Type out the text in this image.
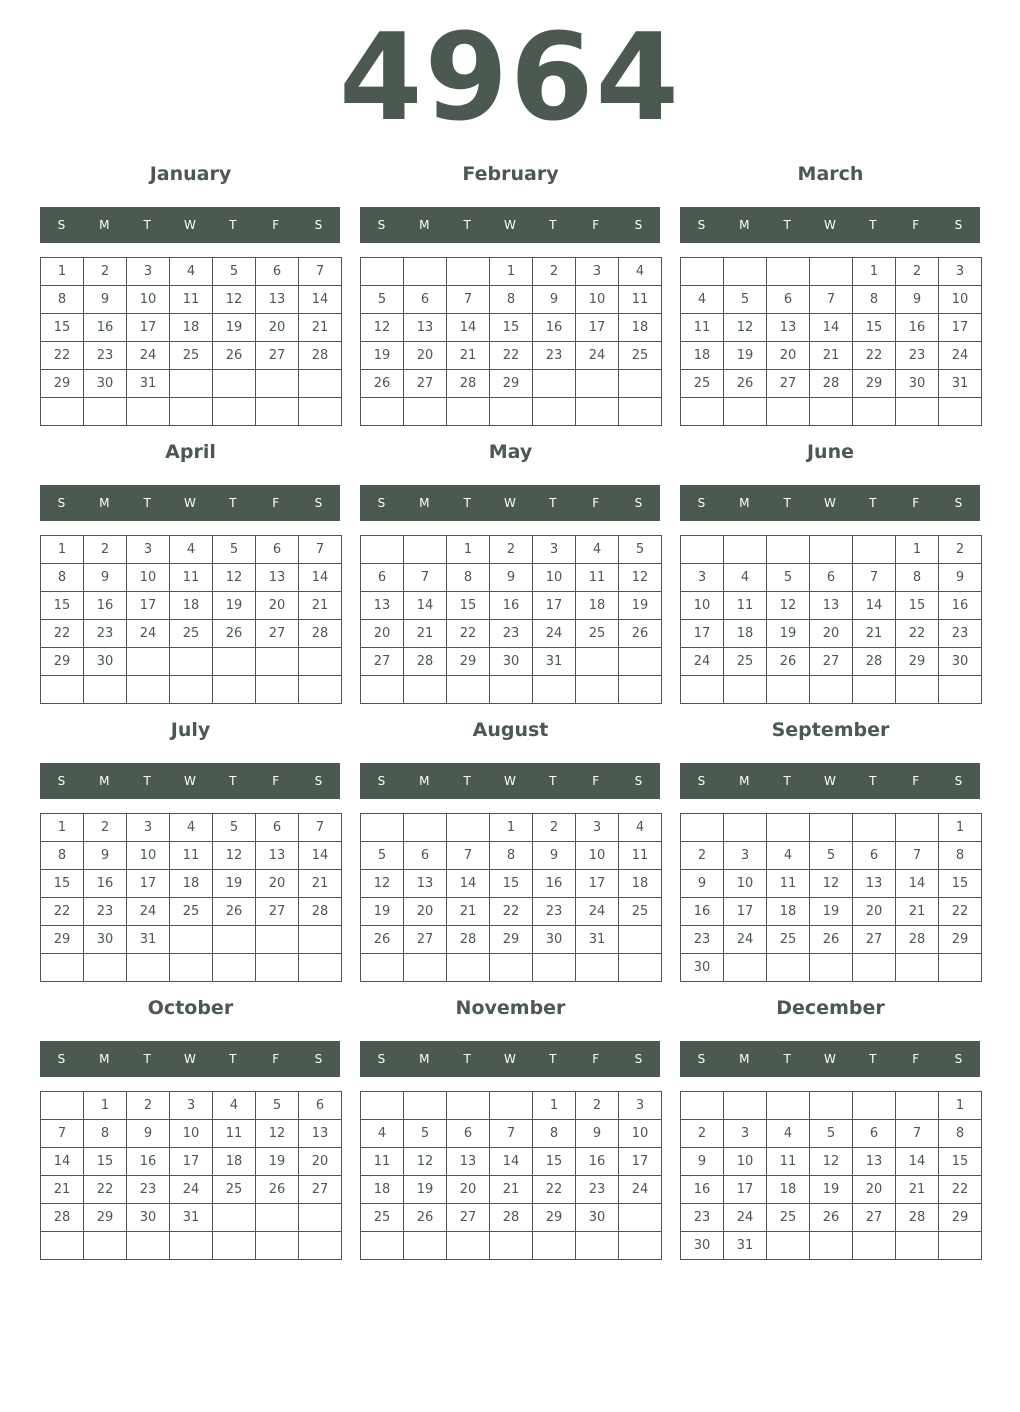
4964
January
S	M	T	W	T	F	S
1	2	3	4	5	6	7
8	9	10	11	12	13	14
15	16	17	18	19	20	21
22	23	24	25	26	27	28
29	30	31				

February
S	M	T	W	T	F	S
			1	2	3	4
5	6	7	8	9	10	11
12	13	14	15	16	17	18
19	20	21	22	23	24	25
26	27	28	29			

March
S	M	T	W	T	F	S
				1	2	3
4	5	6	7	8	9	10
11	12	13	14	15	16	17
18	19	20	21	22	23	24
25	26	27	28	29	30	31

April
S	M	T	W	T	F	S
1	2	3	4	5	6	7
8	9	10	11	12	13	14
15	16	17	18	19	20	21
22	23	24	25	26	27	28
29	30					

May
S	M	T	W	T	F	S
		1	2	3	4	5
6	7	8	9	10	11	12
13	14	15	16	17	18	19
20	21	22	23	24	25	26
27	28	29	30	31		

June
S	M	T	W	T	F	S
					1	2
3	4	5	6	7	8	9
10	11	12	13	14	15	16
17	18	19	20	21	22	23
24	25	26	27	28	29	30

July
S	M	T	W	T	F	S
1	2	3	4	5	6	7
8	9	10	11	12	13	14
15	16	17	18	19	20	21
22	23	24	25	26	27	28
29	30	31				

August
S	M	T	W	T	F	S
			1	2	3	4
5	6	7	8	9	10	11
12	13	14	15	16	17	18
19	20	21	22	23	24	25
26	27	28	29	30	31	

September
S	M	T	W	T	F	S
						1
2	3	4	5	6	7	8
9	10	11	12	13	14	15
16	17	18	19	20	21	22
23	24	25	26	27	28	29
30						
October
S	M	T	W	T	F	S
	1	2	3	4	5	6
7	8	9	10	11	12	13
14	15	16	17	18	19	20
21	22	23	24	25	26	27
28	29	30	31			

November
S	M	T	W	T	F	S
				1	2	3
4	5	6	7	8	9	10
11	12	13	14	15	16	17
18	19	20	21	22	23	24
25	26	27	28	29	30	

December
S	M	T	W	T	F	S
						1
2	3	4	5	6	7	8
9	10	11	12	13	14	15
16	17	18	19	20	21	22
23	24	25	26	27	28	29
30	31					
